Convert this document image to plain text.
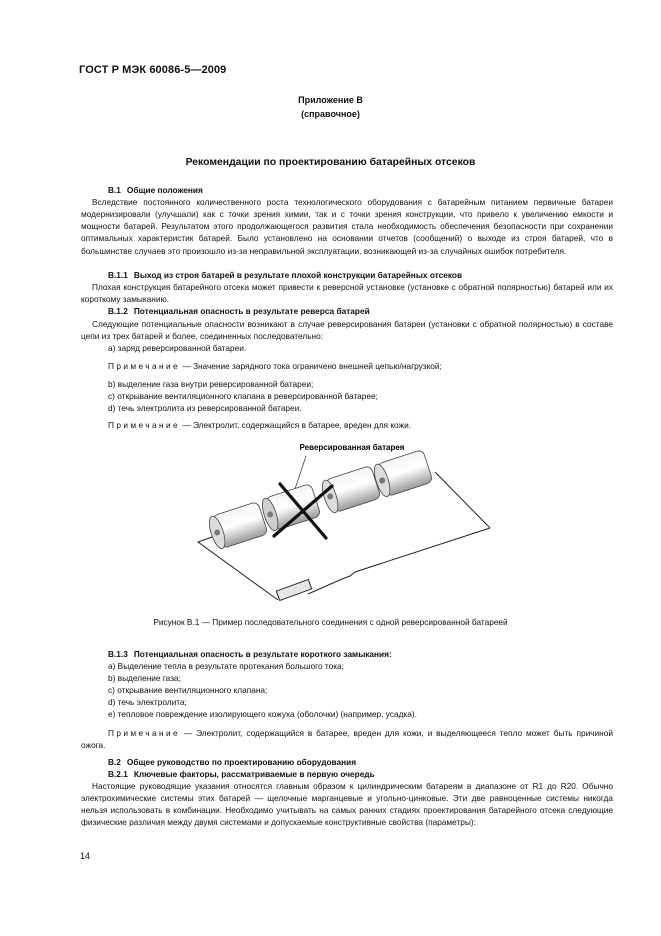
ГОСТ Р МЭК 60086-5—2009
Приложение В
(справочное)
Рекомендации по проектированию батарейных отсеков
В.1 Общие положения
Вследствие постоянного количественного роста технологического оборудования с батарейным питанием первичные батареи модернизировали (улучшали) как с точки зрения химии, так и с точки зрения конструкции, что привело к увеличению емкости и мощности батарей. Результатом этого продолжающегося развития стала необходимость обеспечения безопасности при сохранении оптимальных характеристик батарей. Было установлено на основании отчетов (сообщений) о выходе из строя батарей, что в большинстве случаев это произошло из-за неправильной эксплуатации, возникающей из-за случайных ошибок потребителя.
В.1.1 Выход из строя батарей в результате плохой конструкции батарейных отсеков
Плохая конструкция батарейного отсека может привести к реверсной установке (установке с обратной полярностью) батарей или их короткому замыканию.
В.1.2 Потенциальная опасность в результате реверса батарей
Следующие потенциальные опасности возникают в случае реверсирования батареи (установки с обратной полярностью) в составе цепи из трех батарей и более, соединенных последовательно:
а) заряд реверсированной батареи.
Примечание — Значение зарядного тока ограничено внешней цепью/нагрузкой;
b) выделение газа внутри реверсированной батареи;
c) открывание вентиляционного клапана в реверсированной батарее;
d) течь электролита из реверсированной батареи.
Примечание — Электролит, содержащийся в батарее, вреден для кожи.
Реверсированная батарея
Рисунок В.1 — Пример последовательного соединения с одной реверсированной батареей
В.1.3 Потенциальная опасность в результате короткого замыкания:
а) Выделение тепла в результате протекания большого тока;
b) выделение газа;
c) открывание вентиляционного клапана;
d) течь электролита;
e) тепловое повреждение изолирующего кожуха (оболочки) (например, усадка).
Примечание — Электролит, содержащийся в батарее, вреден для кожи, и выделяющееся тепло может быть причиной ожога.
В.2 Общее руководство по проектированию оборудования
В.2.1 Ключевые факторы, рассматриваемые в первую очередь
Настоящие руководящие указания относятся главным образом к цилиндрическим батареям в диапазоне от R1 до R20. Обычно электрохимические системы этих батарей — щелочные марганцевые и угольно-цинковые. Эти две равноценные системы никогда нельзя использовать в комбинации. Необходимо учитывать на самых ранних стадиях проектирования батарейного отсека следующие физические различия между двумя системами и допускаемые конструктивные свойства (параметры):
14
